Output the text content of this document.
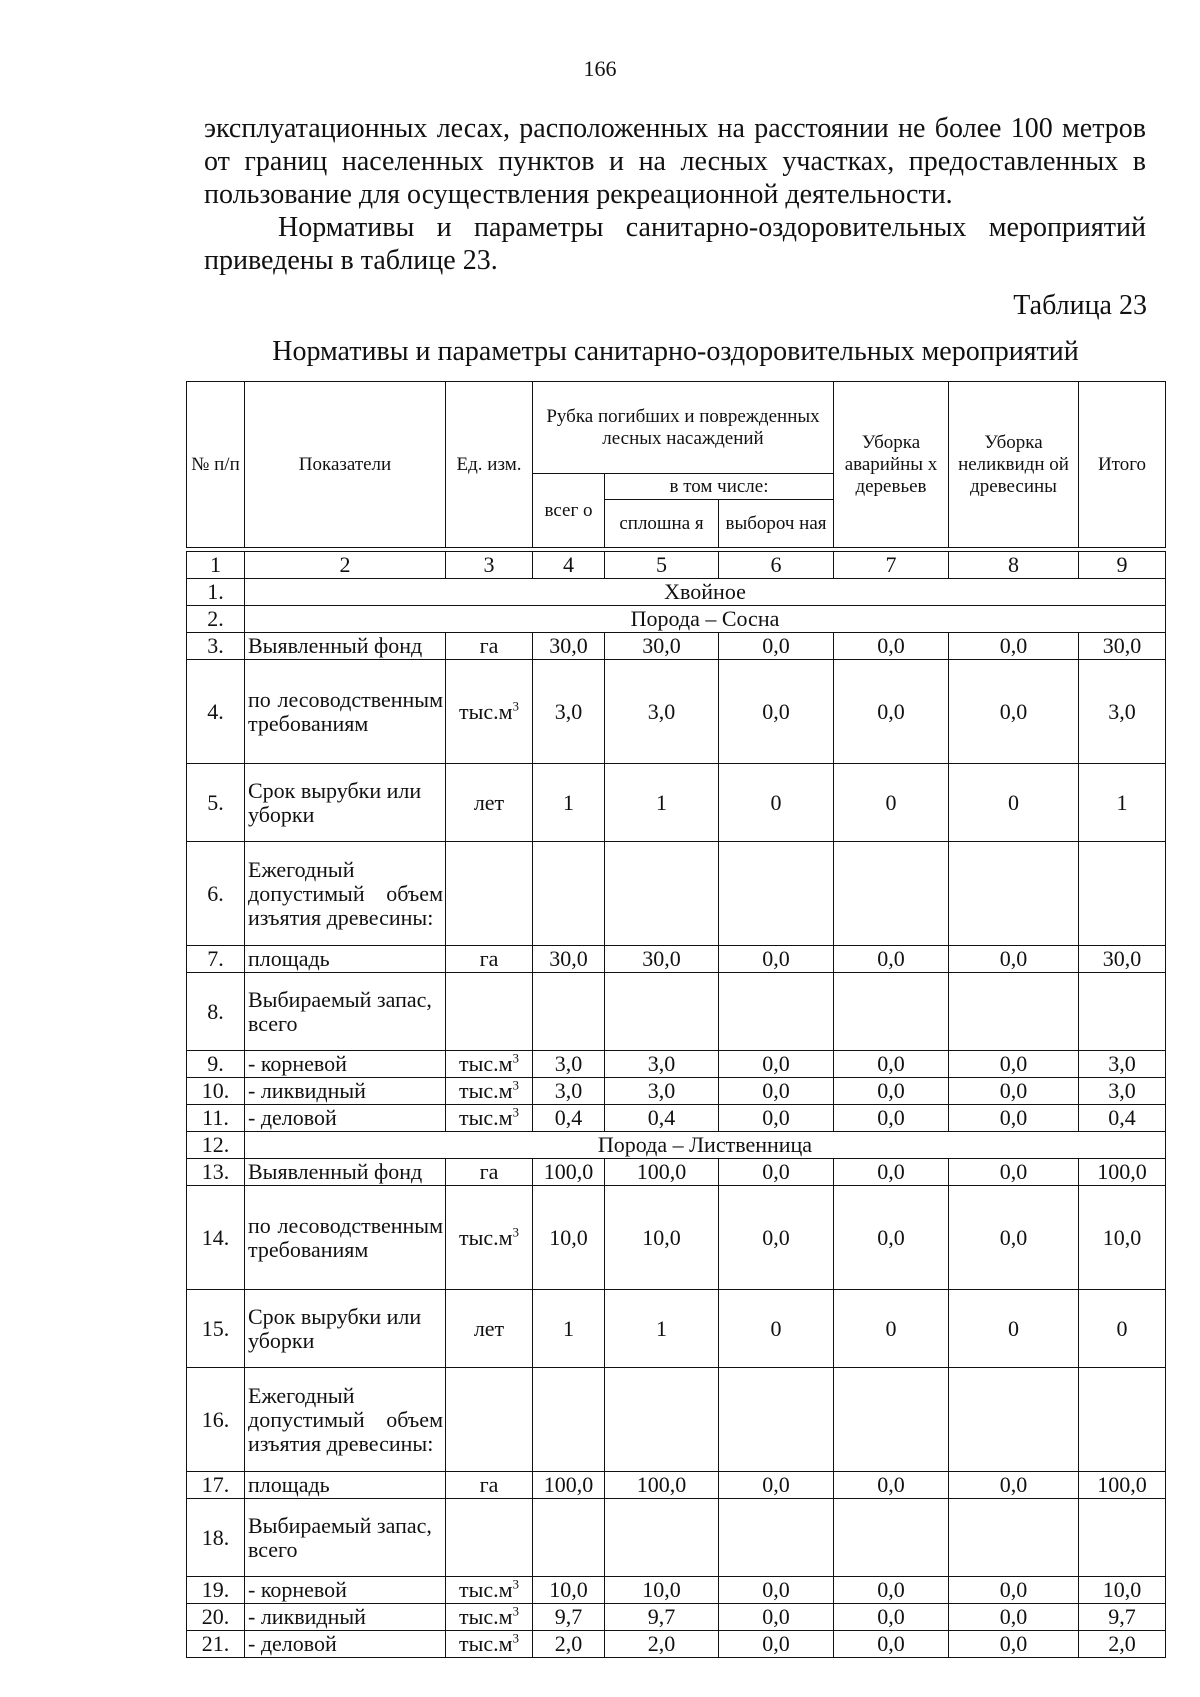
166

эксплуатационных лесах, расположенных на расстоянии не более 100 метров от границ населенных пунктов и на лесных участках, предоставленных в пользование для осуществления рекреационной деятельности.

Нормативы и параметры санитарно-оздоровительных мероприятий приведены в таблице 23.

Таблица 23
Нормативы и параметры санитарно-оздоровительных мероприятий
№ п/п	Показатели	Ед. изм.	Рубка погибших и поврежденных лесных насаждений			Уборка аварийны х деревьев	Уборка неликвидн ой древесины	Итого
			всег о	в том числе:				
				сплошна я	выбороч ная			

1	2	3	4	5	6	7	8	9
1.	Хвойное							
2.	Порода – Сосна							
3.	Выявленный фонд	га	30,0	30,0	0,0	0,0	0,0	30,0
4.	по лесоводственным требованиям	$тыс.м^3$	3,0	3,0	0,0	0,0	0,0	3,0
5.	Срок вырубки или уборки	лет	1	1	0	0	0	1
6.	Ежегодный допустимый объем изъятия древесины:							
7.	площадь	га	30,0	30,0	0,0	0,0	0,0	30,0
8.	Выбираемый запас, всего							
9.	- корневой	$тыс.м^3$	3,0	3,0	0,0	0,0	0,0	3,0
10.	- ликвидный	$тыс.м^3$	3,0	3,0	0,0	0,0	0,0	3,0
11.	- деловой	$тыс.м^3$	0,4	0,4	0,0	0,0	0,0	0,4
12.	Порода – Лиственница							
13.	Выявленный фонд	га	100,0	100,0	0,0	0,0	0,0	100,0
14.	по лесоводственным требованиям	$тыс.м^3$	10,0	10,0	0,0	0,0	0,0	10,0
15.	Срок вырубки или уборки	лет	1	1	0	0	0	0
16.	Ежегодный допустимый объем изъятия древесины:							
17.	площадь	га	100,0	100,0	0,0	0,0	0,0	100,0
18.	Выбираемый запас, всего							
19.	- корневой	$тыс.м^3$	10,0	10,0	0,0	0,0	0,0	10,0
20.	- ликвидный	$тыс.м^3$	9,7	9,7	0,0	0,0	0,0	9,7
21.	- деловой	$тыс.м^3$	2,0	2,0	0,0	0,0	0,0	2,0
